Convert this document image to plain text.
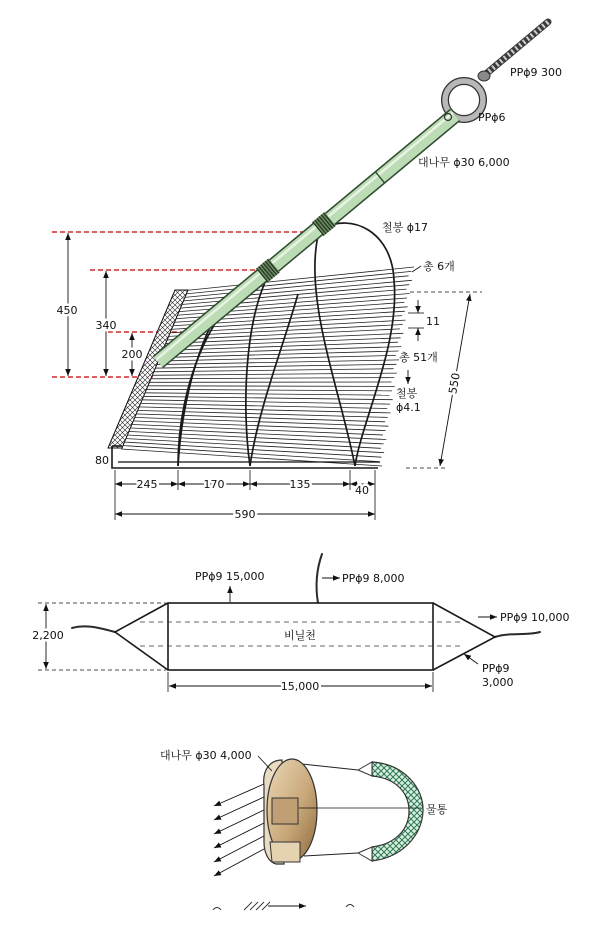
PPϕ9 300
PPϕ6
대나무 ϕ30 6,000
철봉 ϕ17
총 6개
11
총 51개
철봉
ϕ4.1
450
340
200
550
80
245	170	135	40
590
비닐천
PPϕ9 15,000	PPϕ9 8,000
PPϕ9 10,000
PPϕ9
3,000
2,200
15,000
대나무 ϕ30 4,000
물통
